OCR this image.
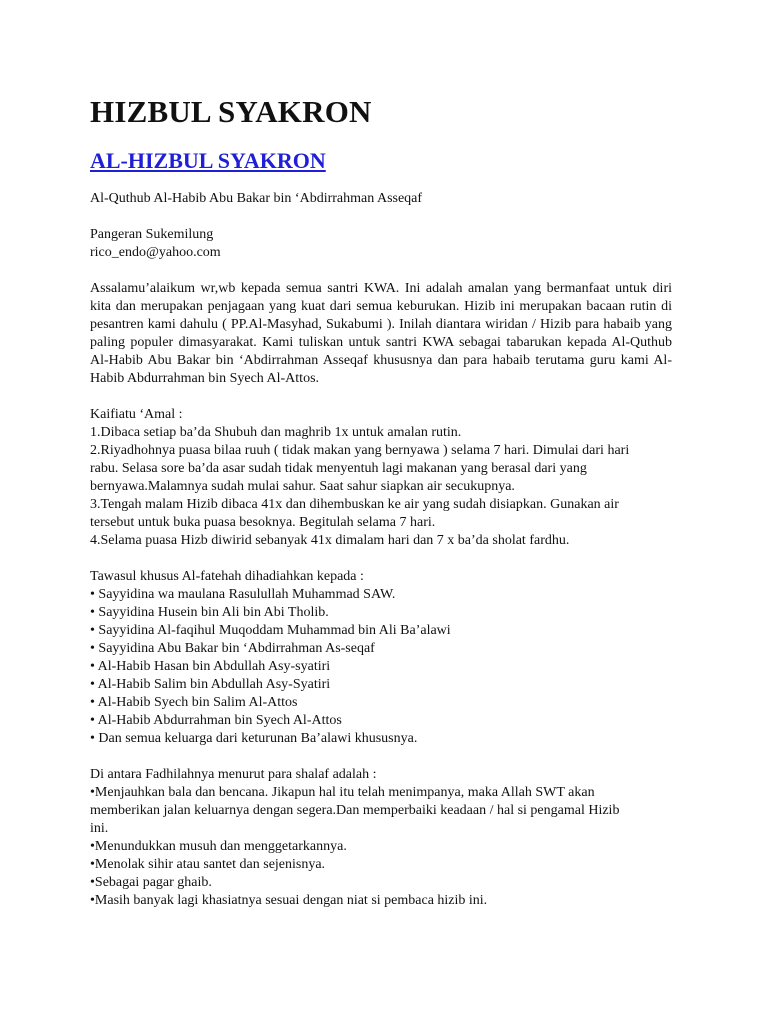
HIZBUL SYAKRON
AL-HIZBUL SYAKRON

Al-Quthub Al-Habib Abu Bakar bin ‘Abdirrahman Asseqaf

Pangeran Sukemilung

rico_endo@yahoo.com

Assalamu’alaikum wr,wb kepada semua santri KWA. Ini adalah amalan yang bermanfaat untuk diri kita dan merupakan penjagaan yang kuat dari semua keburukan. Hizib ini merupakan bacaan rutin di pesantren kami dahulu ( PP.Al-Masyhad, Sukabumi ). Inilah diantara wiridan / Hizib para habaib yang paling populer dimasyarakat. Kami tuliskan untuk santri KWA sebagai tabarukan kepada Al-Quthub Al-Habib Abu Bakar bin ‘Abdirrahman Asseqaf khususnya dan para habaib terutama guru kami Al-Habib Abdurrahman bin Syech Al-Attos.

Kaifiatu ‘Amal :
1.Dibaca setiap ba’da Shubuh dan maghrib 1x untuk amalan rutin.
2.Riyadhohnya puasa bilaa ruuh ( tidak makan yang bernyawa ) selama 7 hari. Dimulai dari hari
rabu. Selasa sore ba’da asar sudah tidak menyentuh lagi makanan yang berasal dari yang
bernyawa.Malamnya sudah mulai sahur. Saat sahur siapkan air secukupnya.
3.Tengah malam Hizib dibaca 41x dan dihembuskan ke air yang sudah disiapkan. Gunakan air
tersebut untuk buka puasa besoknya. Begitulah selama 7 hari.
4.Selama puasa Hizb diwirid sebanyak 41x dimalam hari dan 7 x ba’da sholat fardhu.
Tawasul khusus Al-fatehah dihadiahkan kepada :
• Sayyidina wa maulana Rasulullah Muhammad SAW.
• Sayyidina Husein bin Ali bin Abi Tholib.
• Sayyidina Al-faqihul Muqoddam Muhammad bin Ali Ba’alawi
• Sayyidina Abu Bakar bin ‘Abdirrahman As-seqaf
• Al-Habib Hasan bin Abdullah Asy-syatiri
• Al-Habib Salim bin Abdullah Asy-Syatiri
• Al-Habib Syech bin Salim Al-Attos
• Al-Habib Abdurrahman bin Syech Al-Attos
• Dan semua keluarga dari keturunan Ba’alawi khususnya.
Di antara Fadhilahnya menurut para shalaf adalah :
•Menjauhkan bala dan bencana. Jikapun hal itu telah menimpanya, maka Allah SWT akan
memberikan jalan keluarnya dengan segera.Dan memperbaiki keadaan / hal si pengamal Hizib
ini.
•Menundukkan musuh dan menggetarkannya.
•Menolak sihir atau santet dan sejenisnya.
•Sebagai pagar ghaib.
•Masih banyak lagi khasiatnya sesuai dengan niat si pembaca hizib ini.
